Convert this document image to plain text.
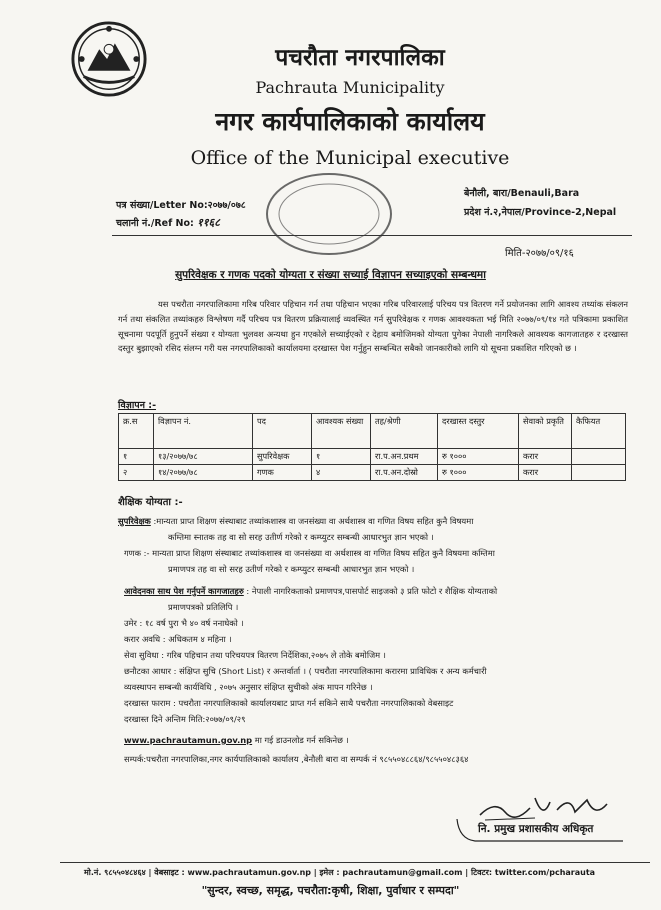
पचरौता नगरपालिका
Pachrauta Municipality
नगर कार्यपालिकाको कार्यालय
Office of the Municipal executive
पत्र संख्या/Letter No:२०७७/०७८
चलानी नं./Ref No: ११६८
बेनौली, बारा/Benauli,Bara
प्रदेश नं.२,नेपाल/Province-2,Nepal
मिति-२०७७/०९/१६
सुपरिवेक्षक र गणक पदको योग्यता र संख्या सच्याई विज्ञापन सच्याइएको सम्बन्धमा
यस पचरौता नगरपालिकामा गरिब परिवार पहिचान गर्न तथा पहिचान भएका गरिब परिवारलाई परिचय पत्र वितरण गर्ने प्रयोजनका लागि आवश्य तथ्यांक संकलन गर्न तथा संकलित तथ्यांकहरु विश्लेषण गर्दै परिचय पत्र वितरण प्रक्रियालाई व्यवस्थित गर्न सुपरिवेक्षक र गणक आवश्यकता भई मिति २०७७/०९/१४ गते पत्रिकामा प्रकाशित सूचनामा पदपूर्ति हुनुपर्ने संख्या र योग्यता भुलवश अन्यथा हुन गएकोले सच्याईएको र देहाय बमोजिमको योग्यता पुगेका नेपाली नागरिकले आवश्यक कागजातहरु र दरखास्त दस्तुर बुझाएको रसिद संलग्न गरी यस नगरपालिकाको कार्यालयमा दरखास्त पेश गर्नुहुन सम्बन्धित सबैको जानकारीको लागि यो सूचना प्रकाशित गरिएको छ ।
विज्ञापन :-
क्र.स	विज्ञापन नं.	पद	आवश्यक संख्या	तह/श्रेणी	दरखास्त दस्तुर	सेवाको प्रकृति	कैफियत
१	१३/२०७७/७८	सुपरिवेक्षक	१	रा.प.अन.प्रथम	रु १०००	करार	
२	१४/२०७७/७८	गणक	४	रा.प.अन.दोस्रो	रु १०००	करार	
शैक्षिक योग्यता :-
सुपरिवेक्षक :मान्यता प्राप्त शिक्षण संस्थाबाट तथ्यांकशास्त्र वा जनसंख्या वा अर्थशास्त्र वा गणित विषय सहित कुनै विषयमा
कम्तिमा स्नातक तह वा सो सरह उतीर्ण गरेको र कम्प्युटर सम्बन्धी आधारभुत ज्ञान भएको ।
गणक :- मान्यता प्राप्त शिक्षण संस्थाबाट तथ्यांकशास्त्र वा जनसंख्या वा अर्थशास्त्र वा गणित विषय सहित कुनै विषयमा कम्तिमा
प्रमाणपत्र तह वा सो सरह उतीर्ण गरेको र कम्प्युटर सम्बन्धी आधारभुत ज्ञान भएको ।
आवेदनका साथ पेश गर्नुपर्ने कागजातहरु : नेपाली नागरिकताको प्रमाणपत्र,पासपोर्ट साइजको ३ प्रति फोटो र शैक्षिक योग्यताको
प्रमाणपत्रको प्रतिलिपि ।
उमेर : १८ वर्ष पुरा भै ४० वर्ष ननाघेको ।
करार अवधि : अधिकतम ४ महिना ।
सेवा सुविधा : गरिब पहिचान तथा परिचयपत्र वितरण निर्देशिका,२०७५ ले तोके बमोजिम ।
छनौटका आधार : संक्षिप्त सुचि (Short List) र अन्तर्वार्ता । ( पचरौता नगरपालिकामा करारमा प्राविधिक र अन्य कर्मचारी
व्यवस्थापन सम्बन्धी कार्यविधि , २०७५ अनुसार संक्षिप्त सुचीको अंक मापन गरिनेछ ।
दरखास्त फाराम : पचरौता नगरपालिकाको कार्यालयबाट प्राप्त गर्न सकिने साथै पचरौता नगरपालिकाको वेबसाइट
दरखास्त दिने अन्तिम मिति:२०७७/०९/२९
www.pachrautamun.gov.np मा गई डाउनलोड गर्न सकिनेछ ।
सम्पर्क:पचरौता नगरपालिका,नगर कार्यपालिकाको कार्यालय ,बेनौली बारा वा सम्पर्क नं ९८५५०४८८६४/९८५५०४८३६४
नि. प्रमुख प्रशासकीय अधिकृत
मो.नं. ९८५५०४८४६४ | वेबसाइट : www.pachrautamun.gov.np | इमेल : pachrautamun@gmail.com | टिवटर: twitter.com/pcharauta
"सुन्दर, स्वच्छ, समृद्ध, पचरौता:कृषी, शिक्षा, पुर्वाधार र सम्पदा"
